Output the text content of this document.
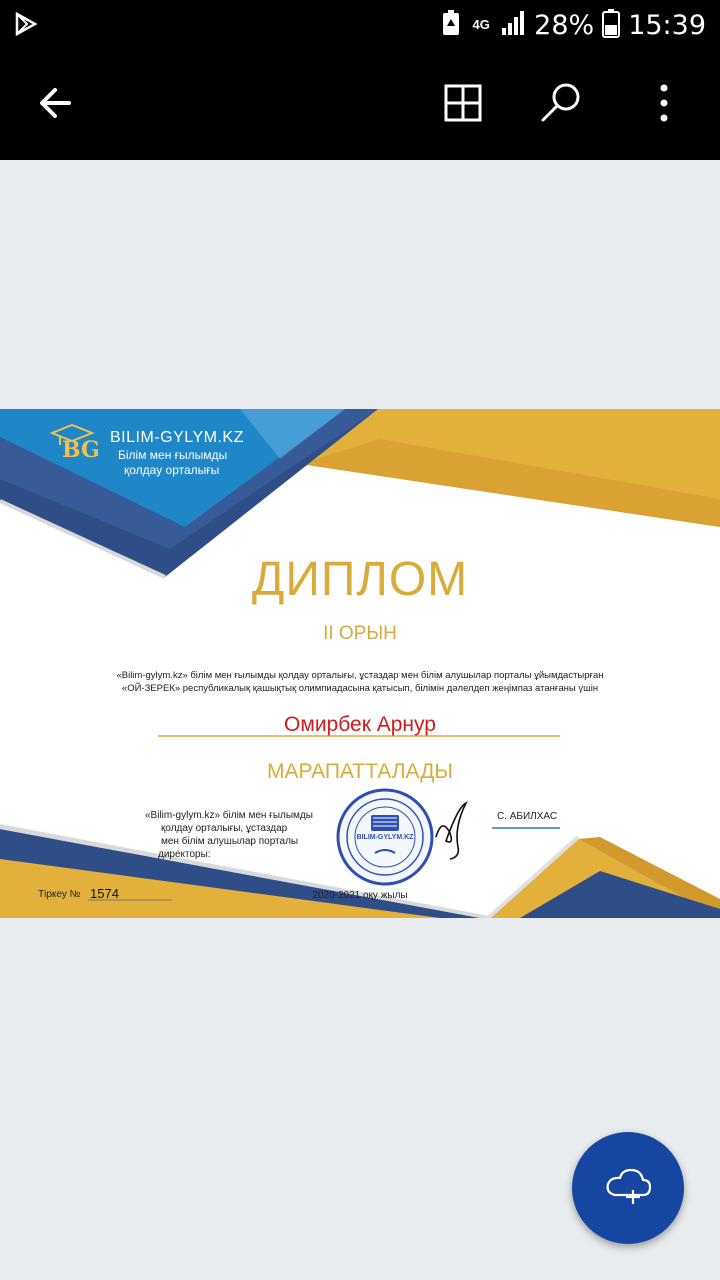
4G 28% 15:39
BG BILIM-GYLYM.KZ
Білім мен ғылымды
қолдау орталығы
ДИПЛОМ
II ОРЫН
«Bilim-gylym.kz» білім мен ғылымды қолдау орталығы, ұстаздар мен білім алушылар порталы ұйымдастырған
«ОЙ-ЗЕРЕК» республикалық қашықтық олимпиадасына қатысып, білімін дәлелдеп жеңімпаз атанғаны үшін
Омирбек Арнур
МАРАПАТТАЛАДЫ
«Bilim-gylym.kz» білім мен ғылымды
қолдау орталығы, ұстаздар
мен білім алушылар порталы
директоры:
BILIM-GYLYM.KZ
С. АБИЛХАС
Тіркеу № 1574	2020-2021 оқу жылы
